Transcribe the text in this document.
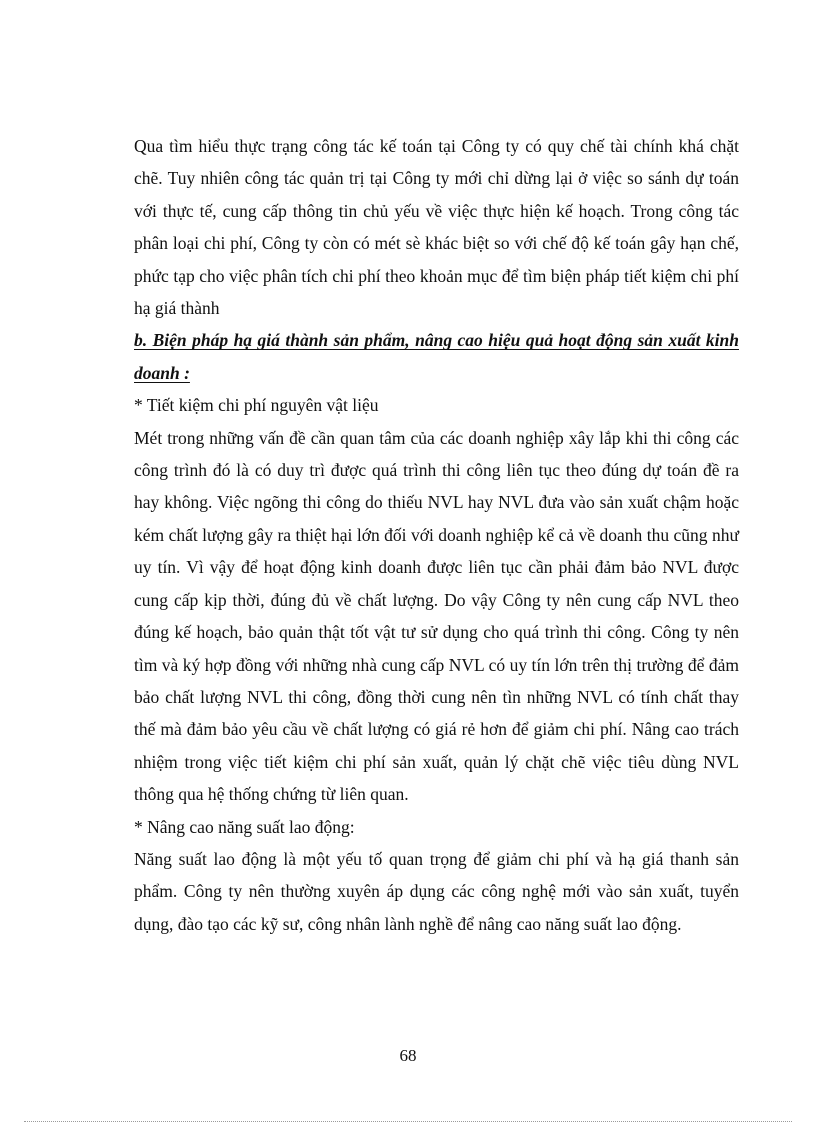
Qua tìm hiểu thực trạng công tác kế toán tại Công ty có quy chế tài chính khá chặt chẽ. Tuy nhiên công tác quản trị tại Công ty mới chỉ dừng lại ở việc so sánh dự toán với thực tế, cung cấp thông tin chủ yếu về việc thực hiện kế hoạch. Trong công tác phân loại chi phí, Công ty còn có mét sè khác biệt so với chế độ kế toán gây hạn chế, phức tạp cho việc phân tích chi phí theo khoản mục để tìm biện pháp tiết kiệm chi phí hạ giá thành

b. Biện pháp hạ giá thành sản phẩm, nâng cao hiệu quả hoạt động sản xuất kinh doanh :

* Tiết kiệm chi phí nguyên vật liệu

Mét trong những vấn đề cần quan tâm của các doanh nghiệp xây lắp khi thi công các công trình đó là có duy trì được quá trình thi công liên tục theo đúng dự toán đề ra hay không. Việc ngõng thi công do thiếu NVL hay NVL đưa vào sản xuất chậm hoặc kém chất lượng gây ra thiệt hại lớn đối với doanh nghiệp kể cả về doanh thu cũng như uy tín. Vì vậy để hoạt động kinh doanh được liên tục cần phải đảm bảo NVL được cung cấp kịp thời, đúng đủ về chất lượng. Do vậy Công ty nên cung cấp NVL theo đúng kế hoạch, bảo quản thật tốt vật tư sử dụng cho quá trình thi công. Công ty nên tìm và ký hợp đồng với những nhà cung cấp NVL có uy tín lớn trên thị trường để đảm bảo chất lượng NVL thi công, đồng thời cung nên tìn những NVL có tính chất thay thế mà đảm bảo yêu cầu về chất lượng có giá rẻ hơn để giảm chi phí. Nâng cao trách nhiệm trong việc tiết kiệm chi phí sản xuất, quản lý chặt chẽ việc tiêu dùng NVL thông qua hệ thống chứng từ liên quan.

* Nâng cao năng suất lao động:

Năng suất lao động là một yếu tố quan trọng để giảm chi phí và hạ giá thanh sản phẩm. Công ty nên thường xuyên áp dụng các công nghệ mới vào sản xuất, tuyển dụng, đào tạo các kỹ sư, công nhân lành nghề để nâng cao năng suất lao động.

68
